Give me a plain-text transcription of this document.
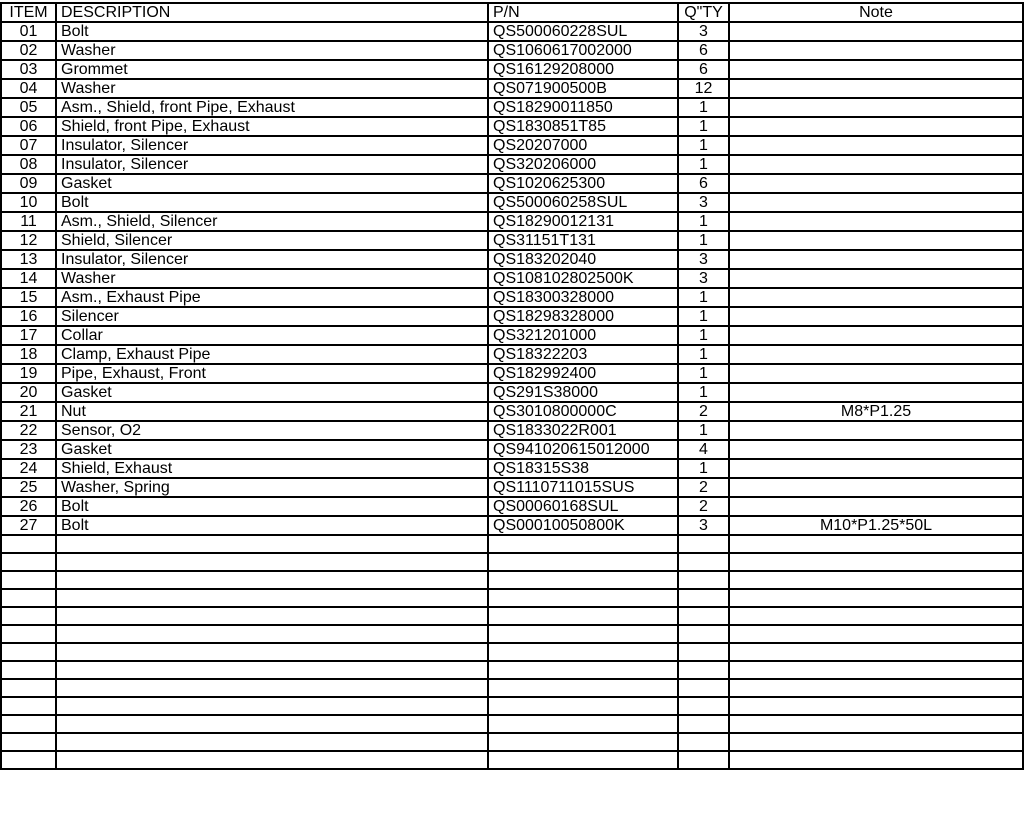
ITEM	DESCRIPTION	P/N	Q"TY	Note
01	Bolt	QS500060228SUL	3	
02	Washer	QS1060617002000	6	
03	Grommet	QS16129208000	6	
04	Washer	QS071900500B	12	
05	Asm., Shield, front Pipe, Exhaust	QS18290011850	1	
06	Shield, front Pipe, Exhaust	QS1830851T85	1	
07	Insulator, Silencer	QS20207000	1	
08	Insulator, Silencer	QS320206000	1	
09	Gasket	QS1020625300	6	
10	Bolt	QS500060258SUL	3	
11	Asm., Shield, Silencer	QS18290012131	1	
12	Shield, Silencer	QS31151T131	1	
13	Insulator, Silencer	QS183202040	3	
14	Washer	QS108102802500K	3	
15	Asm., Exhaust Pipe	QS18300328000	1	
16	Silencer	QS18298328000	1	
17	Collar	QS321201000	1	
18	Clamp, Exhaust Pipe	QS18322203	1	
19	Pipe, Exhaust, Front	QS182992400	1	
20	Gasket	QS291S38000	1	
21	Nut	QS3010800000C	2	M8*P1.25
22	Sensor, O2	QS1833022R001	1	
23	Gasket	QS941020615012000	4	
24	Shield, Exhaust	QS18315S38	1	
25	Washer, Spring	QS1110711015SUS	2	
26	Bolt	QS00060168SUL	2	
27	Bolt	QS00010050800K	3	M10*P1.25*50L
